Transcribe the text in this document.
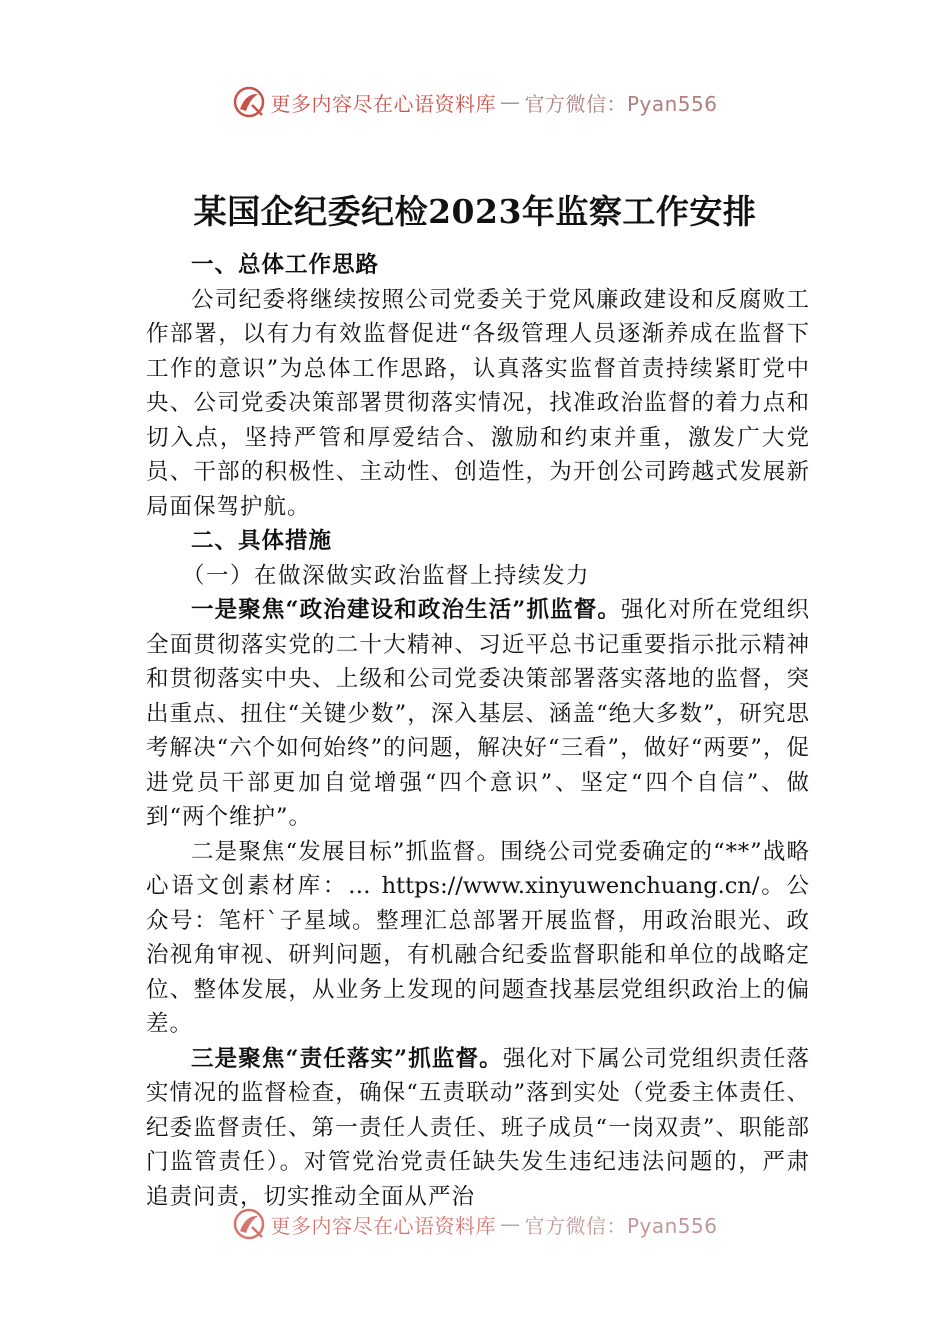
更多内容尽在心语资料库 — 官方微信：Pyan556
某国企纪委纪检2023年监察工作安排
一、总体工作思路

公司纪委将继续按照公司党委关于党风廉政建设和反腐败工作部署，以有力有效监督促进“各级管理人员逐渐养成在监督下工作的意识”为总体工作思路，认真落实监督首责持续紧盯党中央、公司党委决策部署贯彻落实情况，找准政治监督的着力点和切入点，坚持严管和厚爱结合、激励和约束并重，激发广大党员、干部的积极性、主动性、创造性，为开创公司跨越式发展新局面保驾护航。

二、具体措施
（一）在做深做实政治监督上持续发力

一是聚焦“政治建设和政治生活”抓监督。强化对所在党组织全面贯彻落实党的二十大精神、习近平总书记重要指示批示精神和贯彻落实中央、上级和公司党委决策部署落实落地的监督，突出重点、扭住“关键少数”，深入基层、涵盖“绝大多数”，研究思考解决“六个如何始终”的问题，解决好“三看”，做好“两要”，促进党员干部更加自觉增强“四个意识”、坚定“四个自信”、做到“两个维护”。

二是聚焦“发展目标”抓监督。围绕公司党委确定的“**”战略心语文创素材库：… https://www.xinyuwenchuang.cn/。公众号：笔杆`子星域。整理汇总部署开展监督，用政治眼光、政治视角审视、研判问题，有机融合纪委监督职能和单位的战略定位、整体发展，从业务上发现的问题查找基层党组织政治上的偏差。

三是聚焦“责任落实”抓监督。强化对下属公司党组织责任落实情况的监督检查，确保“五责联动”落到实处（党委主体责任、纪委监督责任、第一责任人责任、班子成员“一岗双责”、职能部门监管责任）。对管党治党责任缺失发生违纪违法问题的，严肃追责问责，切实推动全面从严治

更多内容尽在心语资料库 — 官方微信：Pyan556
